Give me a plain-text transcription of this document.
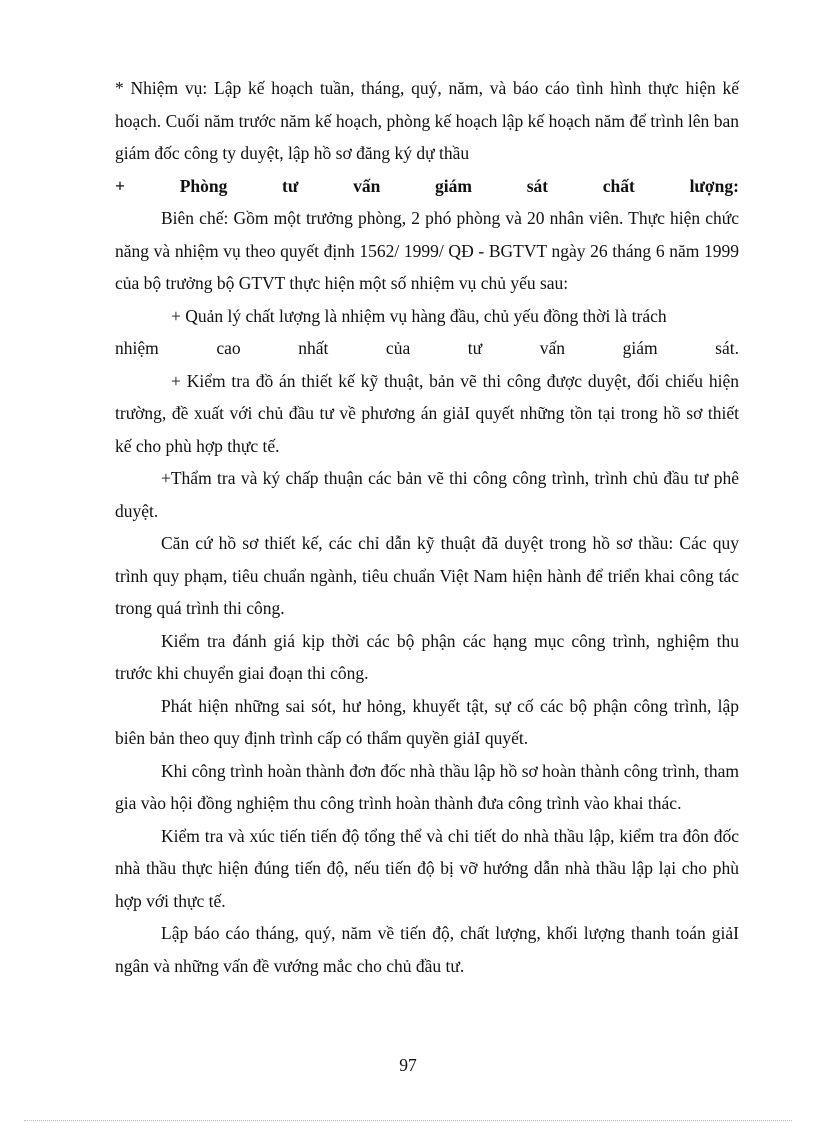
* Nhiệm vụ: Lập kế hoạch tuần, tháng, quý, năm, và báo cáo tình hình thực hiện kế hoạch. Cuối năm trước năm kế hoạch, phòng kế hoạch lập kế hoạch năm để trình lên ban giám đốc công ty duyệt, lập hồ sơ đăng ký dự thầu

+	Phòng	tư	vấn	giám	sát	chất	lượng:

Biên chế: Gồm một trưởng phòng, 2 phó phòng và 20 nhân viên. Thực hiện chức năng và nhiệm vụ theo quyết định 1562/ 1999/ QĐ - BGTVT ngày 26 tháng 6 năm 1999 của bộ trưởng bộ GTVT thực hiện một số nhiệm vụ chủ yếu sau:

+ Quản lý chất lượng là nhiệm vụ hàng đầu, chủ yếu đồng thời là trách

nhiệm	cao	nhất	của	tư	vấn	giám	sát.

+ Kiểm tra đồ án thiết kế kỹ thuật, bản vẽ thi công được duyệt, đối chiếu hiện trường, đề xuất với chủ đầu tư về phương án giảI quyết những tồn tại trong hồ sơ thiết kế cho phù hợp thực tế.

+Thẩm tra và ký chấp thuận các bản vẽ thi công công trình, trình chủ đầu tư phê duyệt.

Căn cứ hồ sơ thiết kế, các chỉ dẫn kỹ thuật đã duyệt trong hồ sơ thầu: Các quy trình quy phạm, tiêu chuẩn ngành, tiêu chuẩn Việt Nam hiện hành để triển khai công tác trong quá trình thi công.

Kiểm tra đánh giá kịp thời các bộ phận các hạng mục công trình, nghiệm thu trước khi chuyển giai đoạn thi công.

Phát hiện những sai sót, hư hỏng, khuyết tật, sự cố các bộ phận công trình, lập biên bản theo quy định trình cấp có thẩm quyền giảI quyết.

Khi công trình hoàn thành đơn đốc nhà thầu lập hồ sơ hoàn thành công trình, tham gia vào hội đồng nghiệm thu công trình hoàn thành đưa công trình vào khai thác.

Kiểm tra và xúc tiến tiến độ tổng thể và chi tiết do nhà thầu lập, kiểm tra đôn đốc nhà thầu thực hiện đúng tiến độ, nếu tiến độ bị vỡ hướng dẫn nhà thầu lập lại cho phù hợp với thực tế.

Lập báo cáo tháng, quý, năm về tiến độ, chất lượng, khối lượng thanh toán giảI ngân và những vấn đề vướng mắc cho chủ đầu tư.

97
